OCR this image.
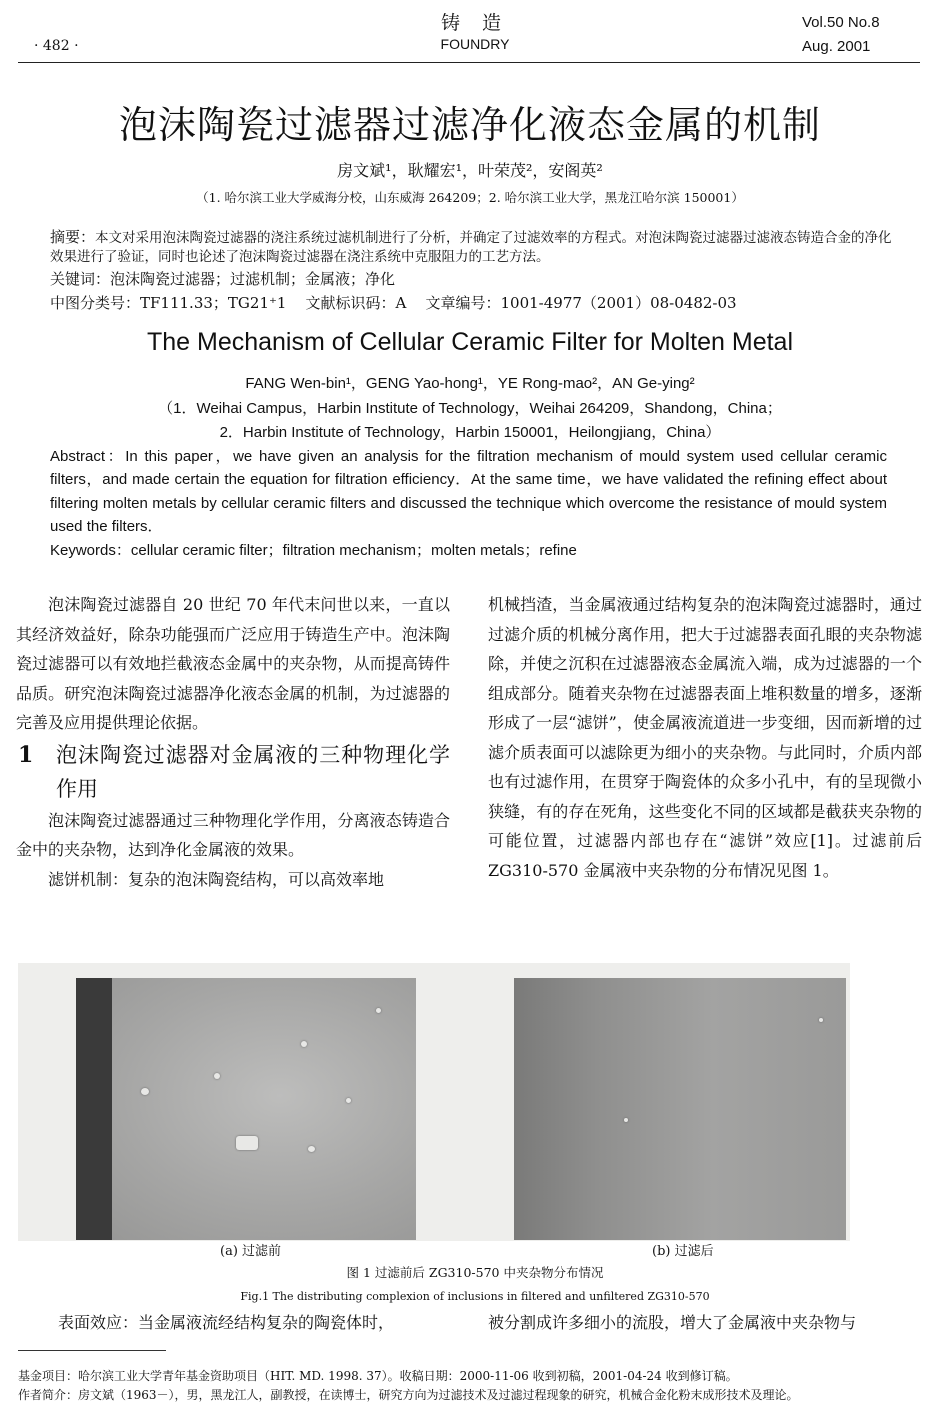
· 482 ·
铸 造
FOUNDRY
Vol.50 No.8
Aug. 2001
泡沫陶瓷过滤器过滤净化液态金属的机制
房文斌¹，耿耀宏¹，叶荣茂²，安阁英²
（1. 哈尔滨工业大学威海分校，山东威海 264209；2. 哈尔滨工业大学，黑龙江哈尔滨 150001）
摘要：本文对采用泡沫陶瓷过滤器的浇注系统过滤机制进行了分析，并确定了过滤效率的方程式。对泡沫陶瓷过滤器过滤液态铸造合金的净化效果进行了验证，同时也论述了泡沫陶瓷过滤器在浇注系统中克服阻力的工艺方法。
关键词：泡沫陶瓷过滤器；过滤机制；金属液；净化
中图分类号：TF111.33；TG21⁺1 文献标识码：A 文章编号：1001-4977（2001）08-0482-03
The Mechanism of Cellular Ceramic Filter for Molten Metal
FANG Wen-bin¹，GENG Yao-hong¹，YE Rong-mao²，AN Ge-ying²
（1．Weihai Campus，Harbin Institute of Technology，Weihai 264209，Shandong，China；
2．Harbin Institute of Technology，Harbin 150001，Heilongjiang，China）
Abstract：In this paper，we have given an analysis for the filtration mechanism of mould system used cellular ceramic filters，and made certain the equation for filtration efficiency．At the same time，we have validated the refining effect about filtering molten metals by cellular ceramic filters and discussed the technique which overcome the resistance of mould system used the filters．
Keywords：cellular ceramic filter；filtration mechanism；molten metals；refine

泡沫陶瓷过滤器自 20 世纪 70 年代末问世以来，一直以其经济效益好，除杂功能强而广泛应用于铸造生产中。泡沫陶瓷过滤器可以有效地拦截液态金属中的夹杂物，从而提高铸件品质。研究泡沫陶瓷过滤器净化液态金属的机制，为过滤器的完善及应用提供理论依据。

1 泡沫陶瓷过滤器对金属液的三种物理化学作用

泡沫陶瓷过滤器通过三种物理化学作用，分离液态铸造合金中的夹杂物，达到净化金属液的效果。

滤饼机制：复杂的泡沫陶瓷结构，可以高效率地

机械挡渣，当金属液通过结构复杂的泡沫陶瓷过滤器时，通过过滤介质的机械分离作用，把大于过滤器表面孔眼的夹杂物滤除，并使之沉积在过滤器液态金属流入端，成为过滤器的一个组成部分。随着夹杂物在过滤器表面上堆积数量的增多，逐渐形成了一层“滤饼”，使金属液流道进一步变细，因而新增的过滤介质表面可以滤除更为细小的夹杂物。与此同时，介质内部也有过滤作用，在贯穿于陶瓷体的众多小孔中，有的呈现微小狭缝，有的存在死角，这些变化不同的区域都是截获夹杂物的可能位置，过滤器内部也存在“滤饼”效应[1]。过滤前后 ZG310-570 金属液中夹杂物的分布情况见图 1。

(a) 过滤前	(b) 过滤后
图 1 过滤前后 ZG310-570 中夹杂物分布情况
Fig.1 The distributing complexion of inclusions in filtered and unfiltered ZG310-570
表面效应：当金属液流经结构复杂的陶瓷体时，	被分割成许多细小的流股，增大了金属液中夹杂物与
基金项目：哈尔滨工业大学青年基金资助项目（HIT. MD. 1998. 37）。收稿日期：2000-11-06 收到初稿，2001-04-24 收到修订稿。
作者简介：房文斌（1963－），男，黑龙江人，副教授，在读博士，研究方向为过滤技术及过滤过程现象的研究，机械合金化粉末成形技术及理论。
